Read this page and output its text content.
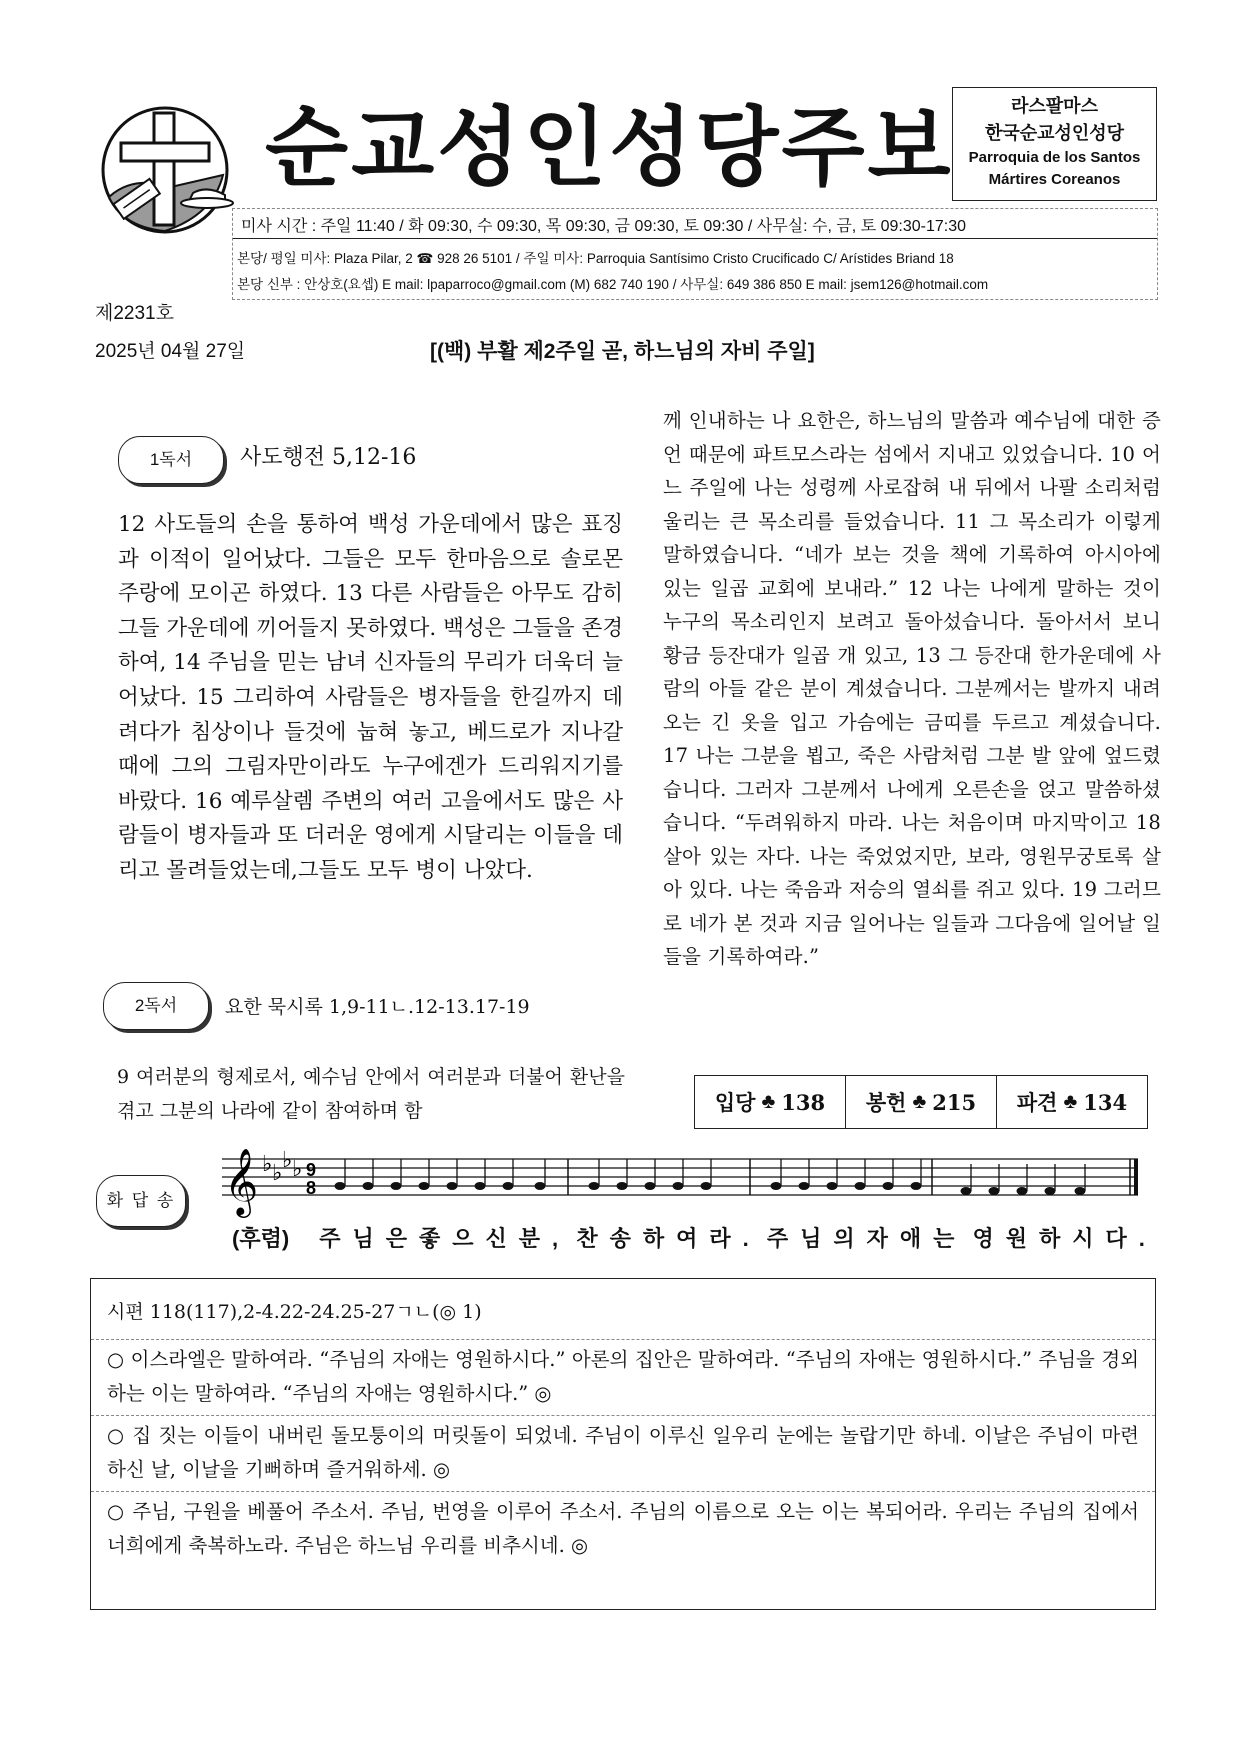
순교성인성당주보	라스팔마스
한국순교성인성당
Parroquia de los Santos
Mártires Coreanos
미사 시간 : 주일 11:40 / 화 09:30, 수 09:30, 목 09:30, 금 09:30, 토 09:30 / 사무실: 수, 금, 토 09:30-17:30
본당/ 평일 미사: Plaza Pilar, 2 ☎ 928 26 5101 / 주일 미사: Parroquia Santísimo Cristo Crucificado C/ Arístides Briand 18
본당 신부 : 안상호(요셉) E mail: lpaparroco@gmail.com (M) 682 740 190 / 사무실: 649 386 850 E mail: jsem126@hotmail.com
제2231호
2025년 04월 27일	[(백) 부활 제2주일 곧, 하느님의 자비 주일]
1독서	사도행전 5,12-16
12 사도들의 손을 통하여 백성 가운데에서 많은 표징과 이적이 일어났다. 그들은 모두 한마음으로 솔로몬 주랑에 모이곤 하였다. 13 다른 사람들은 아무도 감히 그들 가운데에 끼어들지 못하였다. 백성은 그들을 존경하여, 14 주님을 믿는 남녀 신자들의 무리가 더욱더 늘어났다. 15 그리하여 사람들은 병자들을 한길까지 데려다가 침상이나 들것에 눕혀 놓고, 베드로가 지나갈 때에 그의 그림자만이라도 누구에겐가 드리워지기를 바랐다. 16 예루살렘 주변의 여러 고을에서도 많은 사람들이 병자들과 또 더러운 영에게 시달리는 이들을 데리고 몰려들었는데,그들도 모두 병이 나았다.
2독서	요한 묵시록 1,9-11ㄴ.12-13.17-19
9 여러분의 형제로서, 예수님 안에서 여러분과 더불어 환난을 겪고 그분의 나라에 같이 참여하며 함
께 인내하는 나 요한은, 하느님의 말씀과 예수님에 대한 증언 때문에 파트모스라는 섬에서 지내고 있었습니다. 10 어느 주일에 나는 성령께 사로잡혀 내 뒤에서 나팔 소리처럼 울리는 큰 목소리를 들었습니다. 11 그 목소리가 이렇게 말하였습니다. “네가 보는 것을 책에 기록하여 아시아에 있는 일곱 교회에 보내라.” 12 나는 나에게 말하는 것이 누구의 목소리인지 보려고 돌아섰습니다. 돌아서서 보니 황금 등잔대가 일곱 개 있고, 13 그 등잔대 한가운데에 사람의 아들 같은 분이 계셨습니다. 그분께서는 발까지 내려오는 긴 옷을 입고 가슴에는 금띠를 두르고 계셨습니다. 17 나는 그분을 뵙고, 죽은 사람처럼 그분 발 앞에 엎드렸습니다. 그러자 그분께서 나에게 오른손을 얹고 말씀하셨습니다. “두려워하지 마라. 나는 처음이며 마지막이고 18 살아 있는 자다. 나는 죽었었지만, 보라, 영원무궁토록 살아 있다. 나는 죽음과 저승의 열쇠를 쥐고 있다. 19 그러므로 네가 본 것과 지금 일어나는 일들과 그다음에 일어날 일들을 기록하여라.”
입당 ♣ 138 봉헌 ♣ 215 파견 ♣ 134
화 답 송 𝄞 ♭ ♭
♭ ♭ 9
8
(후렴) 주님은좋으신분, 찬송하여라. 주님의자애는 영원하시다.
시편 118(117),2-4.22-24.25-27ㄱㄴ(◎ 1)
○ 이스라엘은 말하여라. “주님의 자애는 영원하시다.” 아론의 집안은 말하여라. “주님의 자애는 영원하시다.” 주님을 경외하는 이는 말하여라. “주님의 자애는 영원하시다.” ◎
○ 집 짓는 이들이 내버린 돌모퉁이의 머릿돌이 되었네. 주님이 이루신 일우리 눈에는 놀랍기만 하네. 이날은 주님이 마련하신 날, 이날을 기뻐하며 즐거워하세. ◎
○ 주님, 구원을 베풀어 주소서. 주님, 번영을 이루어 주소서. 주님의 이름으로 오는 이는 복되어라. 우리는 주님의 집에서 너희에게 축복하노라. 주님은 하느님 우리를 비추시네. ◎
